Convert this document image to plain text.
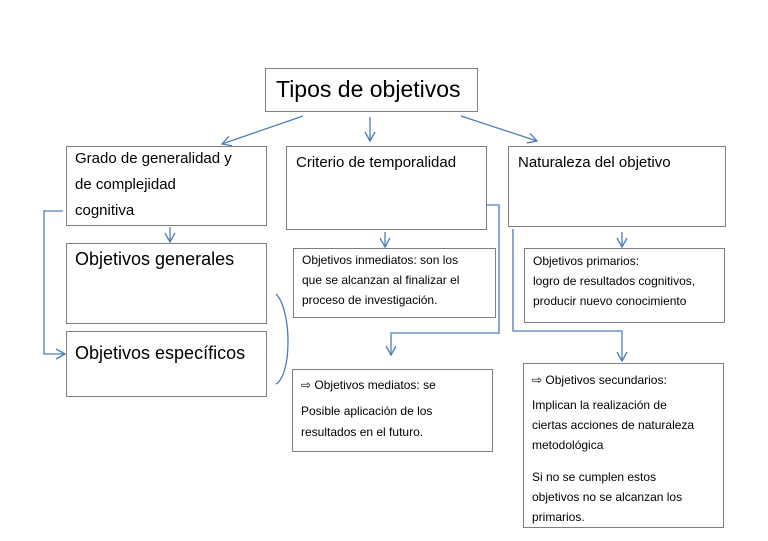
Tipos de objetivos

Grado de generalidad y

de complejidad

cognitiva

Criterio de temporalidad	Naturaleza del objetivo
Objetivos generales
Objetivos específicos

Objetivos inmediatos: son los

que se alcanzan al finalizar el

proceso de investigación.

⇨ Objetivos mediatos: se
Posible aplicación de los
resultados en el futuro.

Objetivos primarios:

logro de resultados cognitivos,

producir nuevo conocimiento

⇨ Objetivos secundarios:

Implican la realización de

ciertas acciones de naturaleza

metodológica

Si no se cumplen estos

objetivos no se alcanzan los

primarios.
